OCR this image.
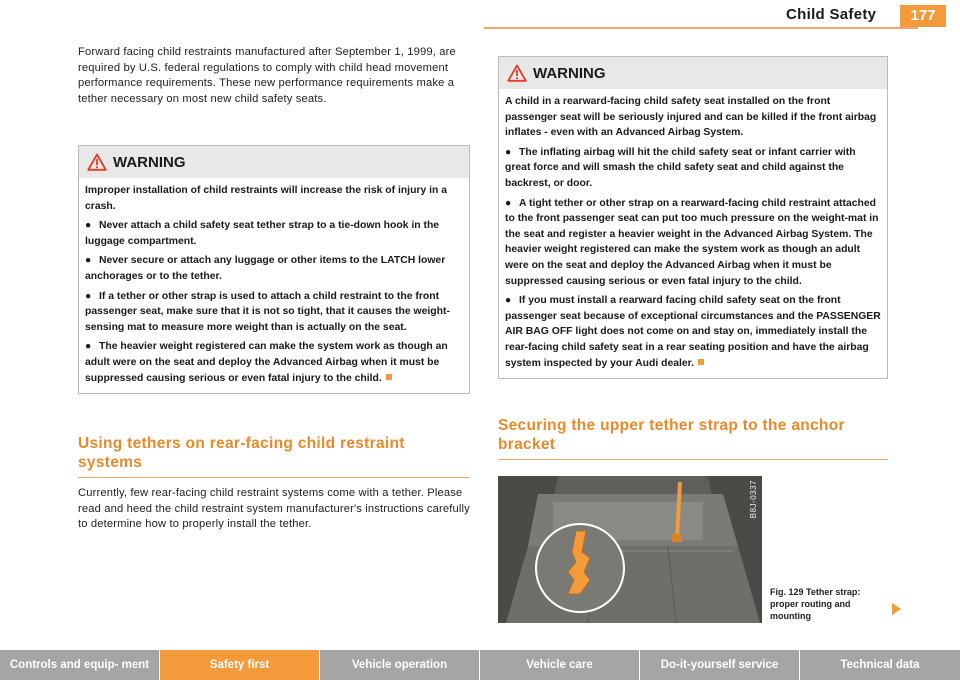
Child Safety	177

Forward facing child restraints manufactured after September 1, 1999, are required by U.S. federal regulations to comply with child head movement performance requirements. These new performance requirements make a tether necessary on most new child safety seats.

WARNING

Improper installation of child restraints will increase the risk of injury in a crash.

● Never attach a child safety seat tether strap to a tie-down hook in the luggage compartment.

● Never secure or attach any luggage or other items to the LATCH lower anchorages or to the tether.

● If a tether or other strap is used to attach a child restraint to the front passenger seat, make sure that it is not so tight, that it causes the weight-sensing mat to measure more weight than is actually on the seat.

● The heavier weight registered can make the system work as though an adult were on the seat and deploy the Advanced Airbag when it must be suppressed causing serious or even fatal injury to the child.

Using tethers on rear-facing child restraint systems

Currently, few rear-facing child restraint systems come with a tether. Please read and heed the child restraint system manufacturer's instructions carefully to determine how to properly install the tether.

WARNING

A child in a rearward-facing child safety seat installed on the front passenger seat will be seriously injured and can be killed if the front airbag inflates - even with an Advanced Airbag System.

● The inflating airbag will hit the child safety seat or infant carrier with great force and will smash the child safety seat and child against the backrest, or door.

● A tight tether or other strap on a rearward-facing child restraint attached to the front passenger seat can put too much pressure on the weight-mat in the seat and register a heavier weight in the Advanced Airbag System. The heavier weight registered can make the system work as though an adult were on the seat and deploy the Advanced Airbag when it must be suppressed causing serious or even fatal injury to the child.

● If you must install a rearward facing child safety seat on the front passenger seat because of exceptional circumstances and the PASSENGER AIR BAG OFF light does not come on and stay on, immediately install the rear-facing child safety seat in a rear seating position and have the airbag system inspected by your Audi dealer.

Securing the upper tether strap to the anchor bracket
B8J-0337
Fig. 129 Tether strap: proper routing and mounting
Controls and equip- ment	Safety first	Vehicle operation	Vehicle care	Do-it-yourself service	Technical data
